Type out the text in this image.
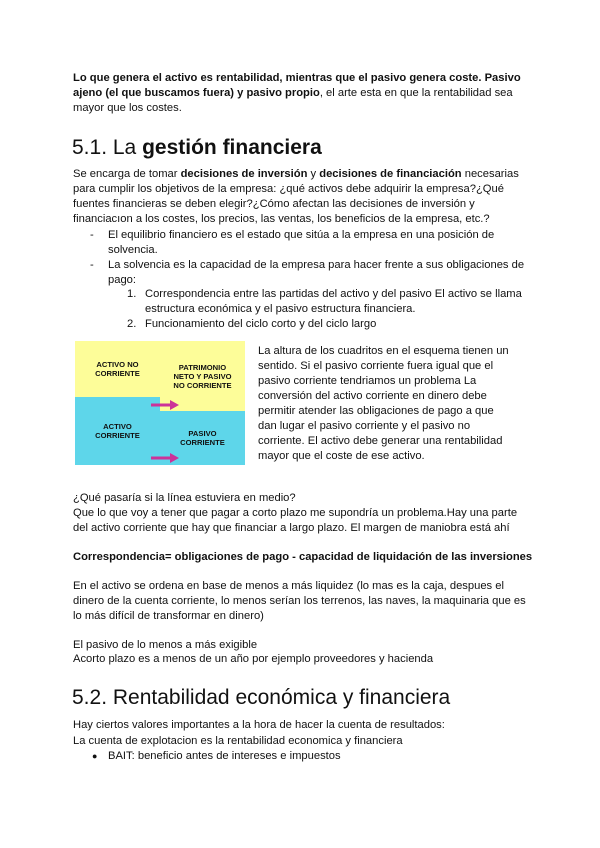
Lo que genera el activo es rentabilidad, mientras que el pasivo genera coste. Pasivo ajeno (el que buscamos fuera) y pasivo propio, el arte esta en que la rentabilidad sea mayor que los costes.

5.1. La gestión financiera

Se encarga de tomar decisiones de inversión y decisiones de financiación necesarias para cumplir los objetivos de la empresa: ¿qué activos debe adquirir la empresa?¿Qué fuentes financieras se deben elegir?¿Cómo afectan las decisiones de inversión y financiacıon a los costes, los precios, las ventas, los beneficios de la empresa, etc.?

- El equilibrio financiero es el estado que sitúa a la empresa en una posición de solvencia.
- La solvencia es la capacidad de la empresa para hacer frente a sus obligaciones de pago:
1. Correspondencia entre las partidas del activo y del pasivo El activo se llama estructura económica y el pasivo estructura financiera.
2. Funcionamiento del ciclo corto y del ciclo largo
ACTIVO NO CORRIENTE
PATRIMONIO NETO Y PASIVO NO CORRIENTE
ACTIVO CORRIENTE	PASIVO CORRIENTE

La altura de los cuadritos en el esquema tienen un sentido. Si el pasivo corriente fuera igual que el pasivo corriente tendriamos un problema La conversión del activo corriente en dinero debe permitir atender las obligaciones de pago a que dan lugar el pasivo corriente y el pasivo no corriente. El activo debe generar una rentabilidad mayor que el coste de ese activo.

¿Qué pasaría si la línea estuviera en medio?

Que lo que voy a tener que pagar a corto plazo me supondría un problema.Hay una parte del activo corriente que hay que financiar a largo plazo. El margen de maniobra está ahí

Correspondencia= obligaciones de pago - capacidad de liquidación de las inversiones

En el activo se ordena en base de menos a más liquidez (lo mas es la caja, despues el dinero de la cuenta corriente, lo menos serían los terrenos, las naves, la maquinaria que es lo más difícil de transformar en dinero)

El pasivo de lo menos a más exigible

Acorto plazo es a menos de un año por ejemplo proveedores y hacienda

5.2. Rentabilidad económica y financiera

Hay ciertos valores importantes a la hora de hacer la cuenta de resultados:

La cuenta de explotacion es la rentabilidad economica y financiera

● BAIT: beneficio antes de intereses e impuestos
